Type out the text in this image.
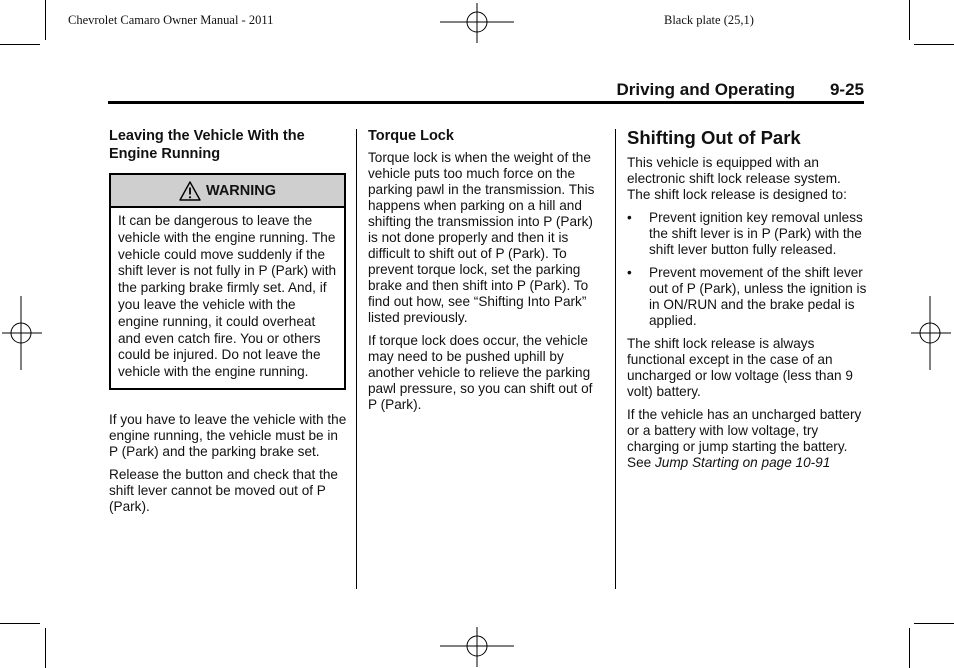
Chevrolet Camaro Owner Manual - 2011	Black plate (25,1)
Driving and Operating 9-25
Leaving the Vehicle With the Engine Running
WARNING
It can be dangerous to leave the vehicle with the engine running. The vehicle could move suddenly if the shift lever is not fully in P (Park) with the parking brake firmly set. And, if you leave the vehicle with the engine running, it could overheat and even catch fire. You or others could be injured. Do not leave the vehicle with the engine running.

If you have to leave the vehicle with the engine running, the vehicle must be in P (Park) and the parking brake set.

Release the button and check that the shift lever cannot be moved out of P (Park).

Torque Lock

Torque lock is when the weight of the vehicle puts too much force on the parking pawl in the transmission. This happens when parking on a hill and shifting the transmission into P (Park) is not done properly and then it is difficult to shift out of P (Park). To prevent torque lock, set the parking brake and then shift into P (Park). To find out how, see “Shifting Into Park” listed previously.

If torque lock does occur, the vehicle may need to be pushed uphill by another vehicle to relieve the parking pawl pressure, so you can shift out of P (Park).

Shifting Out of Park

This vehicle is equipped with an electronic shift lock release system. The shift lock release is designed to:

• Prevent ignition key removal unless the shift lever is in P (Park) with the shift lever button fully released.
• Prevent movement of the shift lever out of P (Park), unless the ignition is in ON/RUN and the brake pedal is applied.

The shift lock release is always functional except in the case of an uncharged or low voltage (less than 9 volt) battery.

If the vehicle has an uncharged battery or a battery with low voltage, try charging or jump starting the battery. See Jump Starting on page 10-91
